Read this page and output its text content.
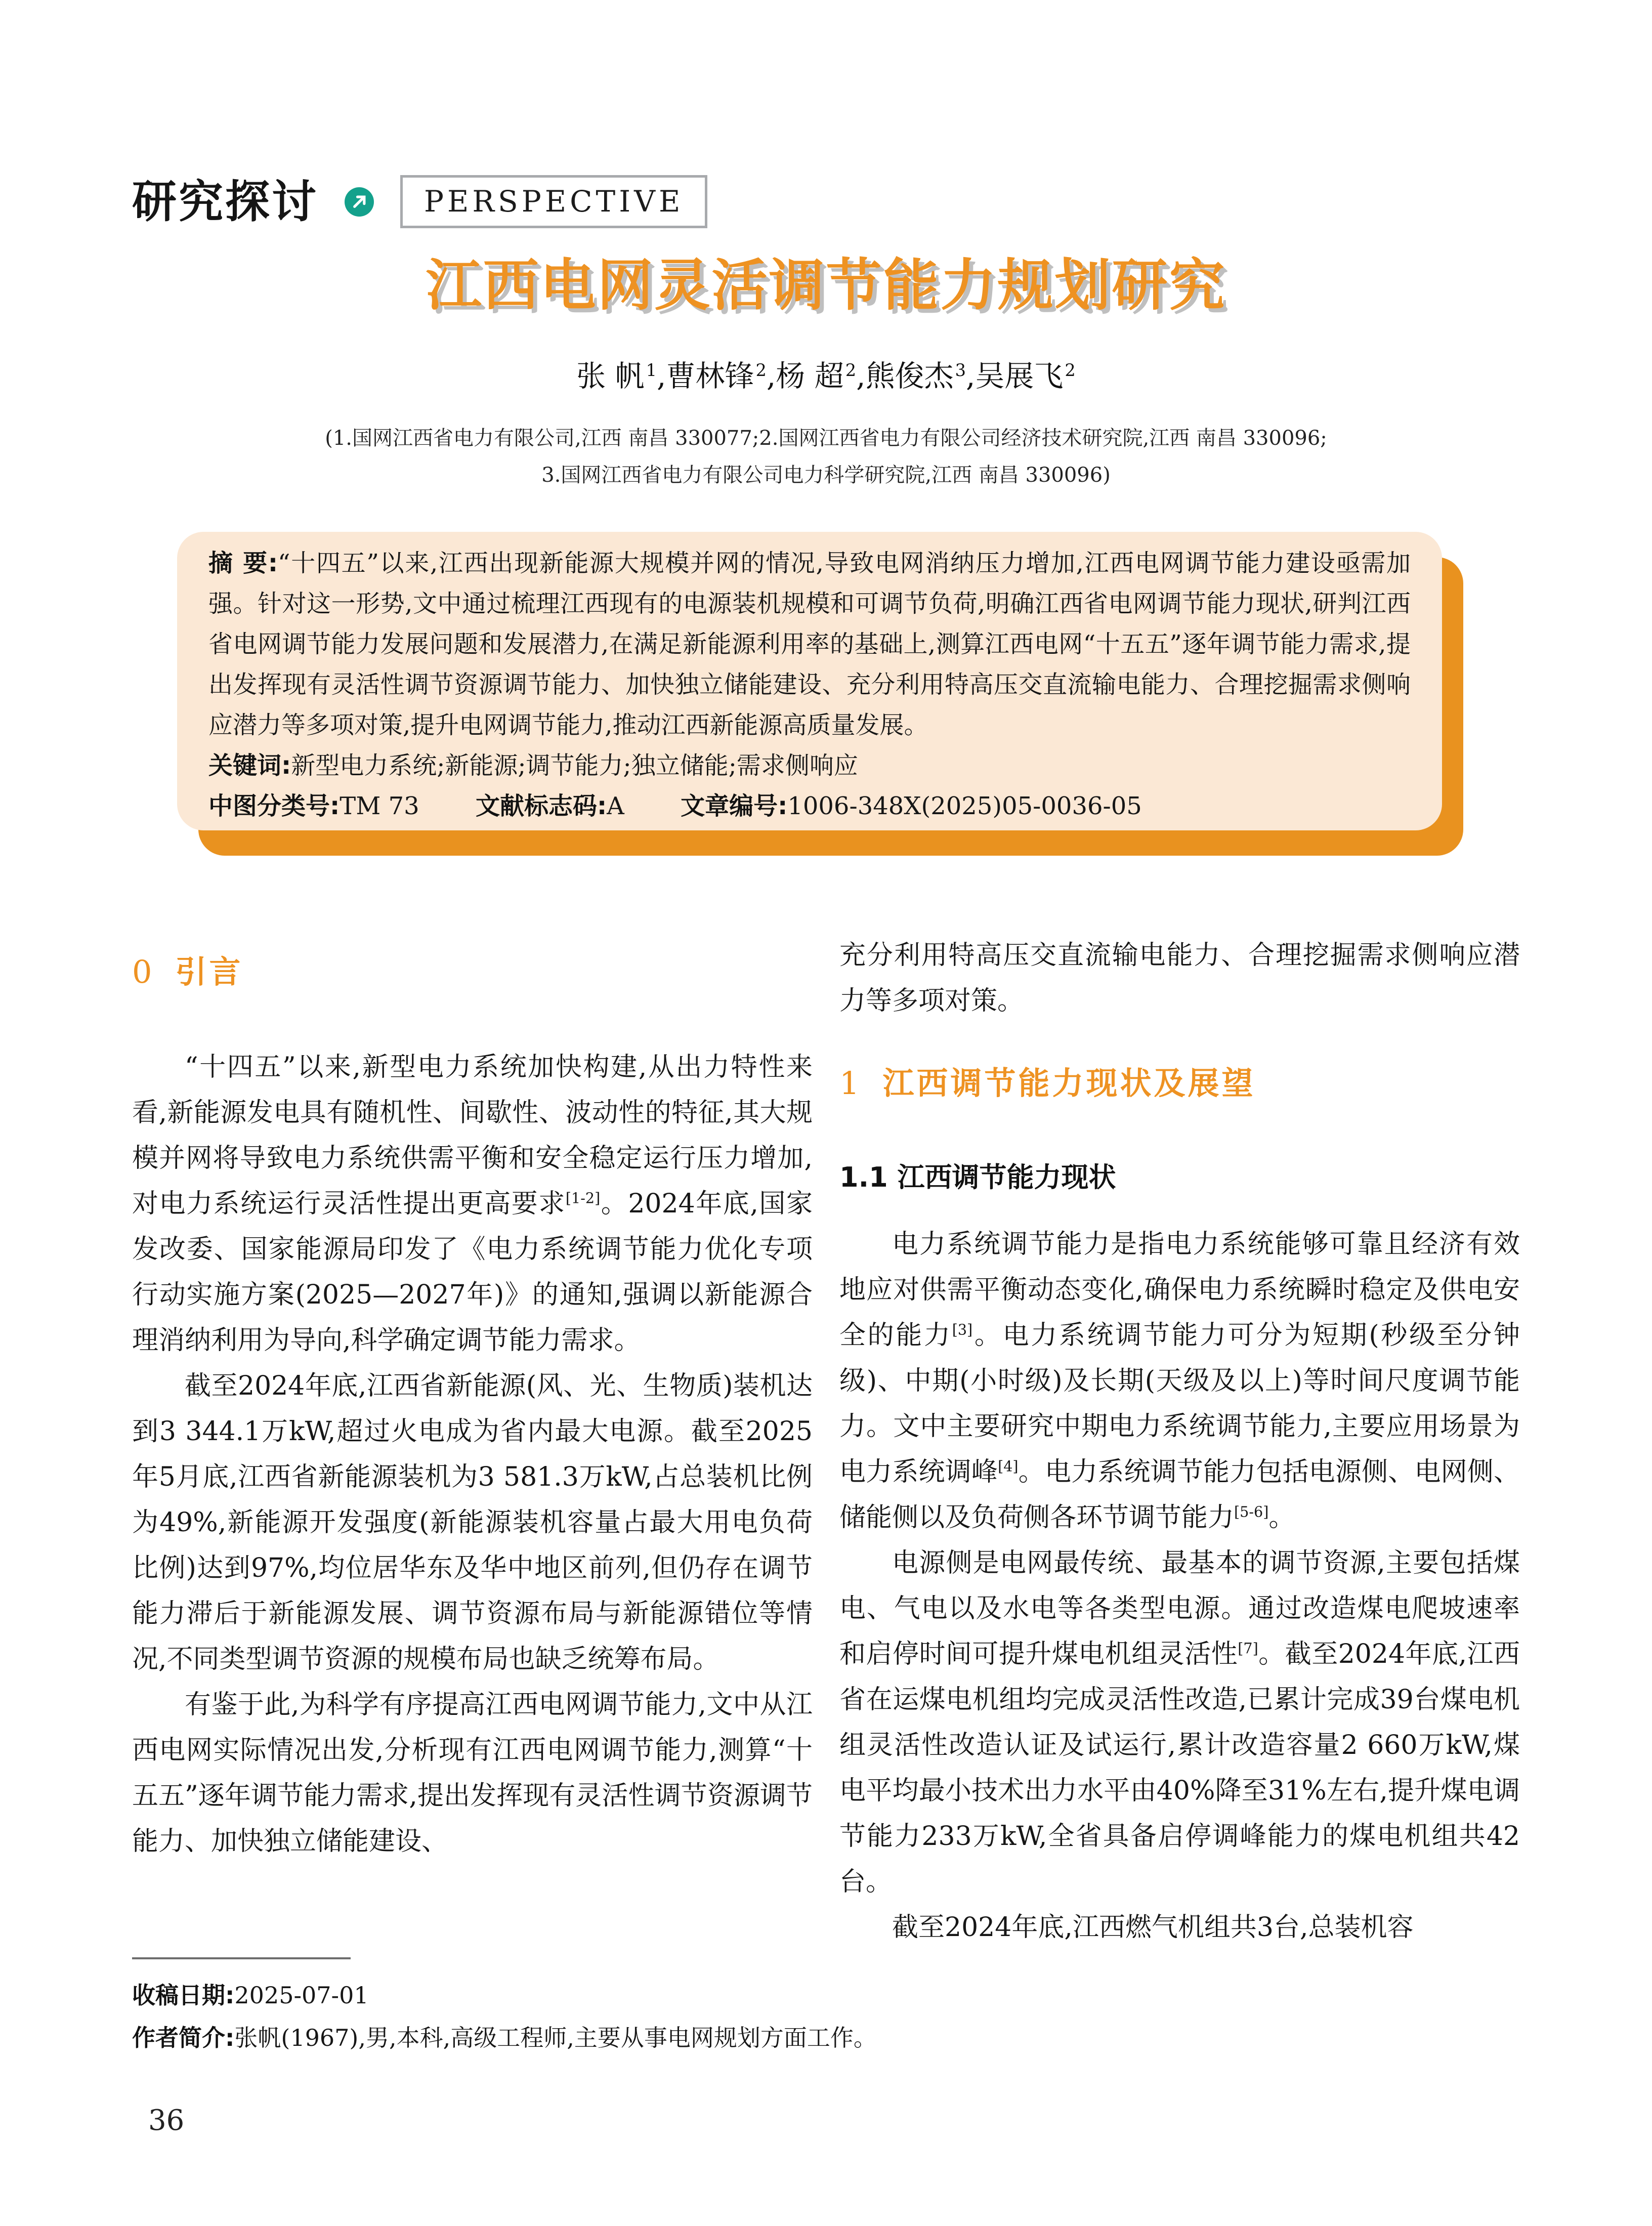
研究探讨	PERSPECTIVE
江西电网灵活调节能力规划研究
张 帆$^1$,曹林锋$^2$,杨 超$^2$,熊俊杰$^3$,吴展飞$^2$
(1.国网江西省电力有限公司,江西 南昌 330077;2.国网江西省电力有限公司经济技术研究院,江西 南昌 330096;
3.国网江西省电力有限公司电力科学研究院,江西 南昌 330096)

摘 要:“十四五”以来,江西出现新能源大规模并网的情况,导致电网消纳压力增加,江西电网调节能力建设亟需加强。针对这一形势,文中通过梳理江西现有的电源装机规模和可调节负荷,明确江西省电网调节能力现状,研判江西省电网调节能力发展问题和发展潜力,在满足新能源利用率的基础上,测算江西电网“十五五”逐年调节能力需求,提出发挥现有灵活性调节资源调节能力、加快独立储能建设、充分利用特高压交直流输电能力、合理挖掘需求侧响应潜力等多项对策,提升电网调节能力,推动江西新能源高质量发展。

关键词:新型电力系统;新能源;调节能力;独立储能;需求侧响应

中图分类号:TM 73 文献标志码:A 文章编号:1006-348X(2025)05-0036-05

0 引言

“十四五”以来,新型电力系统加快构建,从出力特性来看,新能源发电具有随机性、间歇性、波动性的特征,其大规模并网将导致电力系统供需平衡和安全稳定运行压力增加,对电力系统运行灵活性提出更高要求[1-2]。2024年底,国家发改委、国家能源局印发了《电力系统调节能力优化专项行动实施方案(2025—2027年)》的通知,强调以新能源合理消纳利用为导向,科学确定调节能力需求。

截至2024年底,江西省新能源(风、光、生物质)装机达到3 344.1万kW,超过火电成为省内最大电源。截至2025年5月底,江西省新能源装机为3 581.3万kW,占总装机比例为49%,新能源开发强度(新能源装机容量占最大用电负荷比例)达到97%,均位居华东及华中地区前列,但仍存在调节能力滞后于新能源发展、调节资源布局与新能源错位等情况,不同类型调节资源的规模布局也缺乏统筹布局。

有鉴于此,为科学有序提高江西电网调节能力,文中从江西电网实际情况出发,分析现有江西电网调节能力,测算“十五五”逐年调节能力需求,提出发挥现有灵活性调节资源调节能力、加快独立储能建设、

充分利用特高压交直流输电能力、合理挖掘需求侧响应潜力等多项对策。

1 江西调节能力现状及展望
1.1 江西调节能力现状

电力系统调节能力是指电力系统能够可靠且经济有效地应对供需平衡动态变化,确保电力系统瞬时稳定及供电安全的能力[3]。电力系统调节能力可分为短期(秒级至分钟级)、中期(小时级)及长期(天级及以上)等时间尺度调节能力。文中主要研究中期电力系统调节能力,主要应用场景为电力系统调峰[4]。电力系统调节能力包括电源侧、电网侧、储能侧以及负荷侧各环节调节能力[5-6]。

电源侧是电网最传统、最基本的调节资源,主要包括煤电、气电以及水电等各类型电源。通过改造煤电爬坡速率和启停时间可提升煤电机组灵活性[7]。截至2024年底,江西省在运煤电机组均完成灵活性改造,已累计完成39台煤电机组灵活性改造认证及试运行,累计改造容量2 660万kW,煤电平均最小技术出力水平由40%降至31%左右,提升煤电调节能力233万kW,全省具备启停调峰能力的煤电机组共42台。

截至2024年底,江西燃气机组共3台,总装机容

收稿日期:2025-07-01

作者简介:张帆(1967),男,本科,高级工程师,主要从事电网规划方面工作。

36
